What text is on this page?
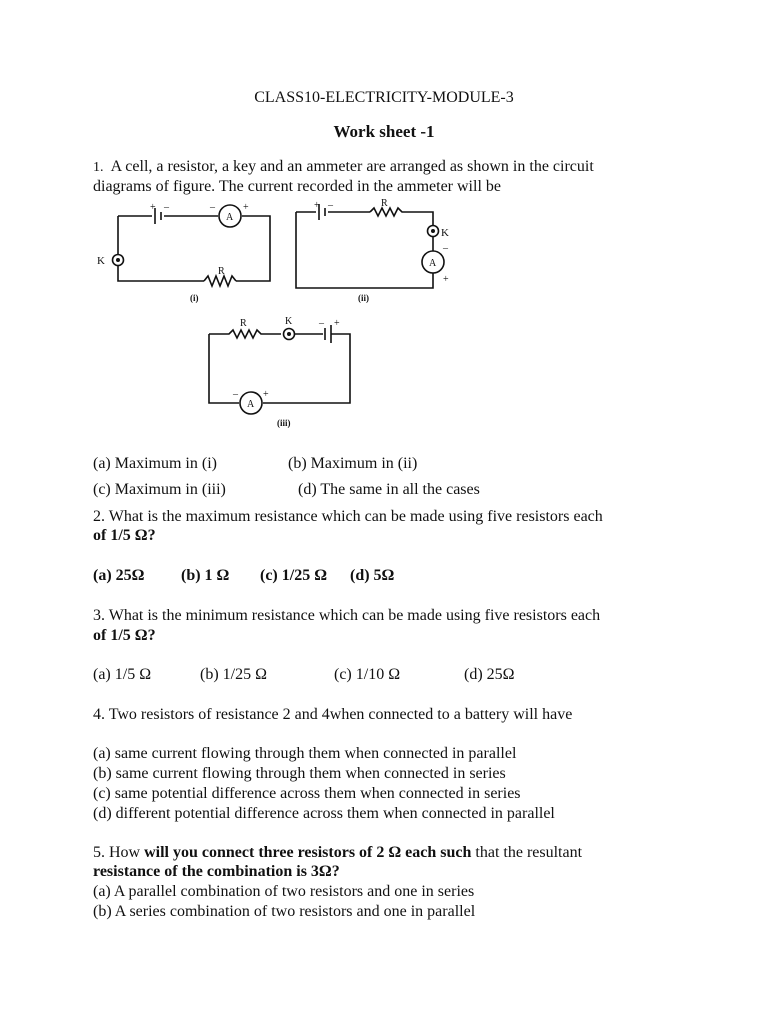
CLASS10-ELECTRICITY-MODULE-3
Work sheet -1
1. A cell, a resistor, a key and an ammeter are arranged as shown in the circuit
diagrams of figure. The current recorded in the ammeter will be
+ –
A
–	+
K
R
(i)
+ –	R
K
A
–
+
(ii)
R	K	– +
A
–	+
(iii)
(a) Maximum in (i)	(b) Maximum in (ii)
(c) Maximum in (iii)	(d) The same in all the cases
2. What is the maximum resistance which can be made using five resistors each
of 1/5 Ω?
(a) 25Ω (b) 1 Ω (c) 1/25 Ω (d) 5Ω
3. What is the minimum resistance which can be made using five resistors each
of 1/5 Ω?
(a) 1/5 Ω	(b) 1/25 Ω	(c) 1/10 Ω	(d) 25Ω
4. Two resistors of resistance 2 and 4when connected to a battery will have
(a) same current flowing through them when connected in parallel
(b) same current flowing through them when connected in series
(c) same potential difference across them when connected in series
(d) different potential difference across them when connected in parallel
5. How will you connect three resistors of 2 Ω each such that the resultant
resistance of the combination is 3Ω?
(a) A parallel combination of two resistors and one in series
(b) A series combination of two resistors and one in parallel
